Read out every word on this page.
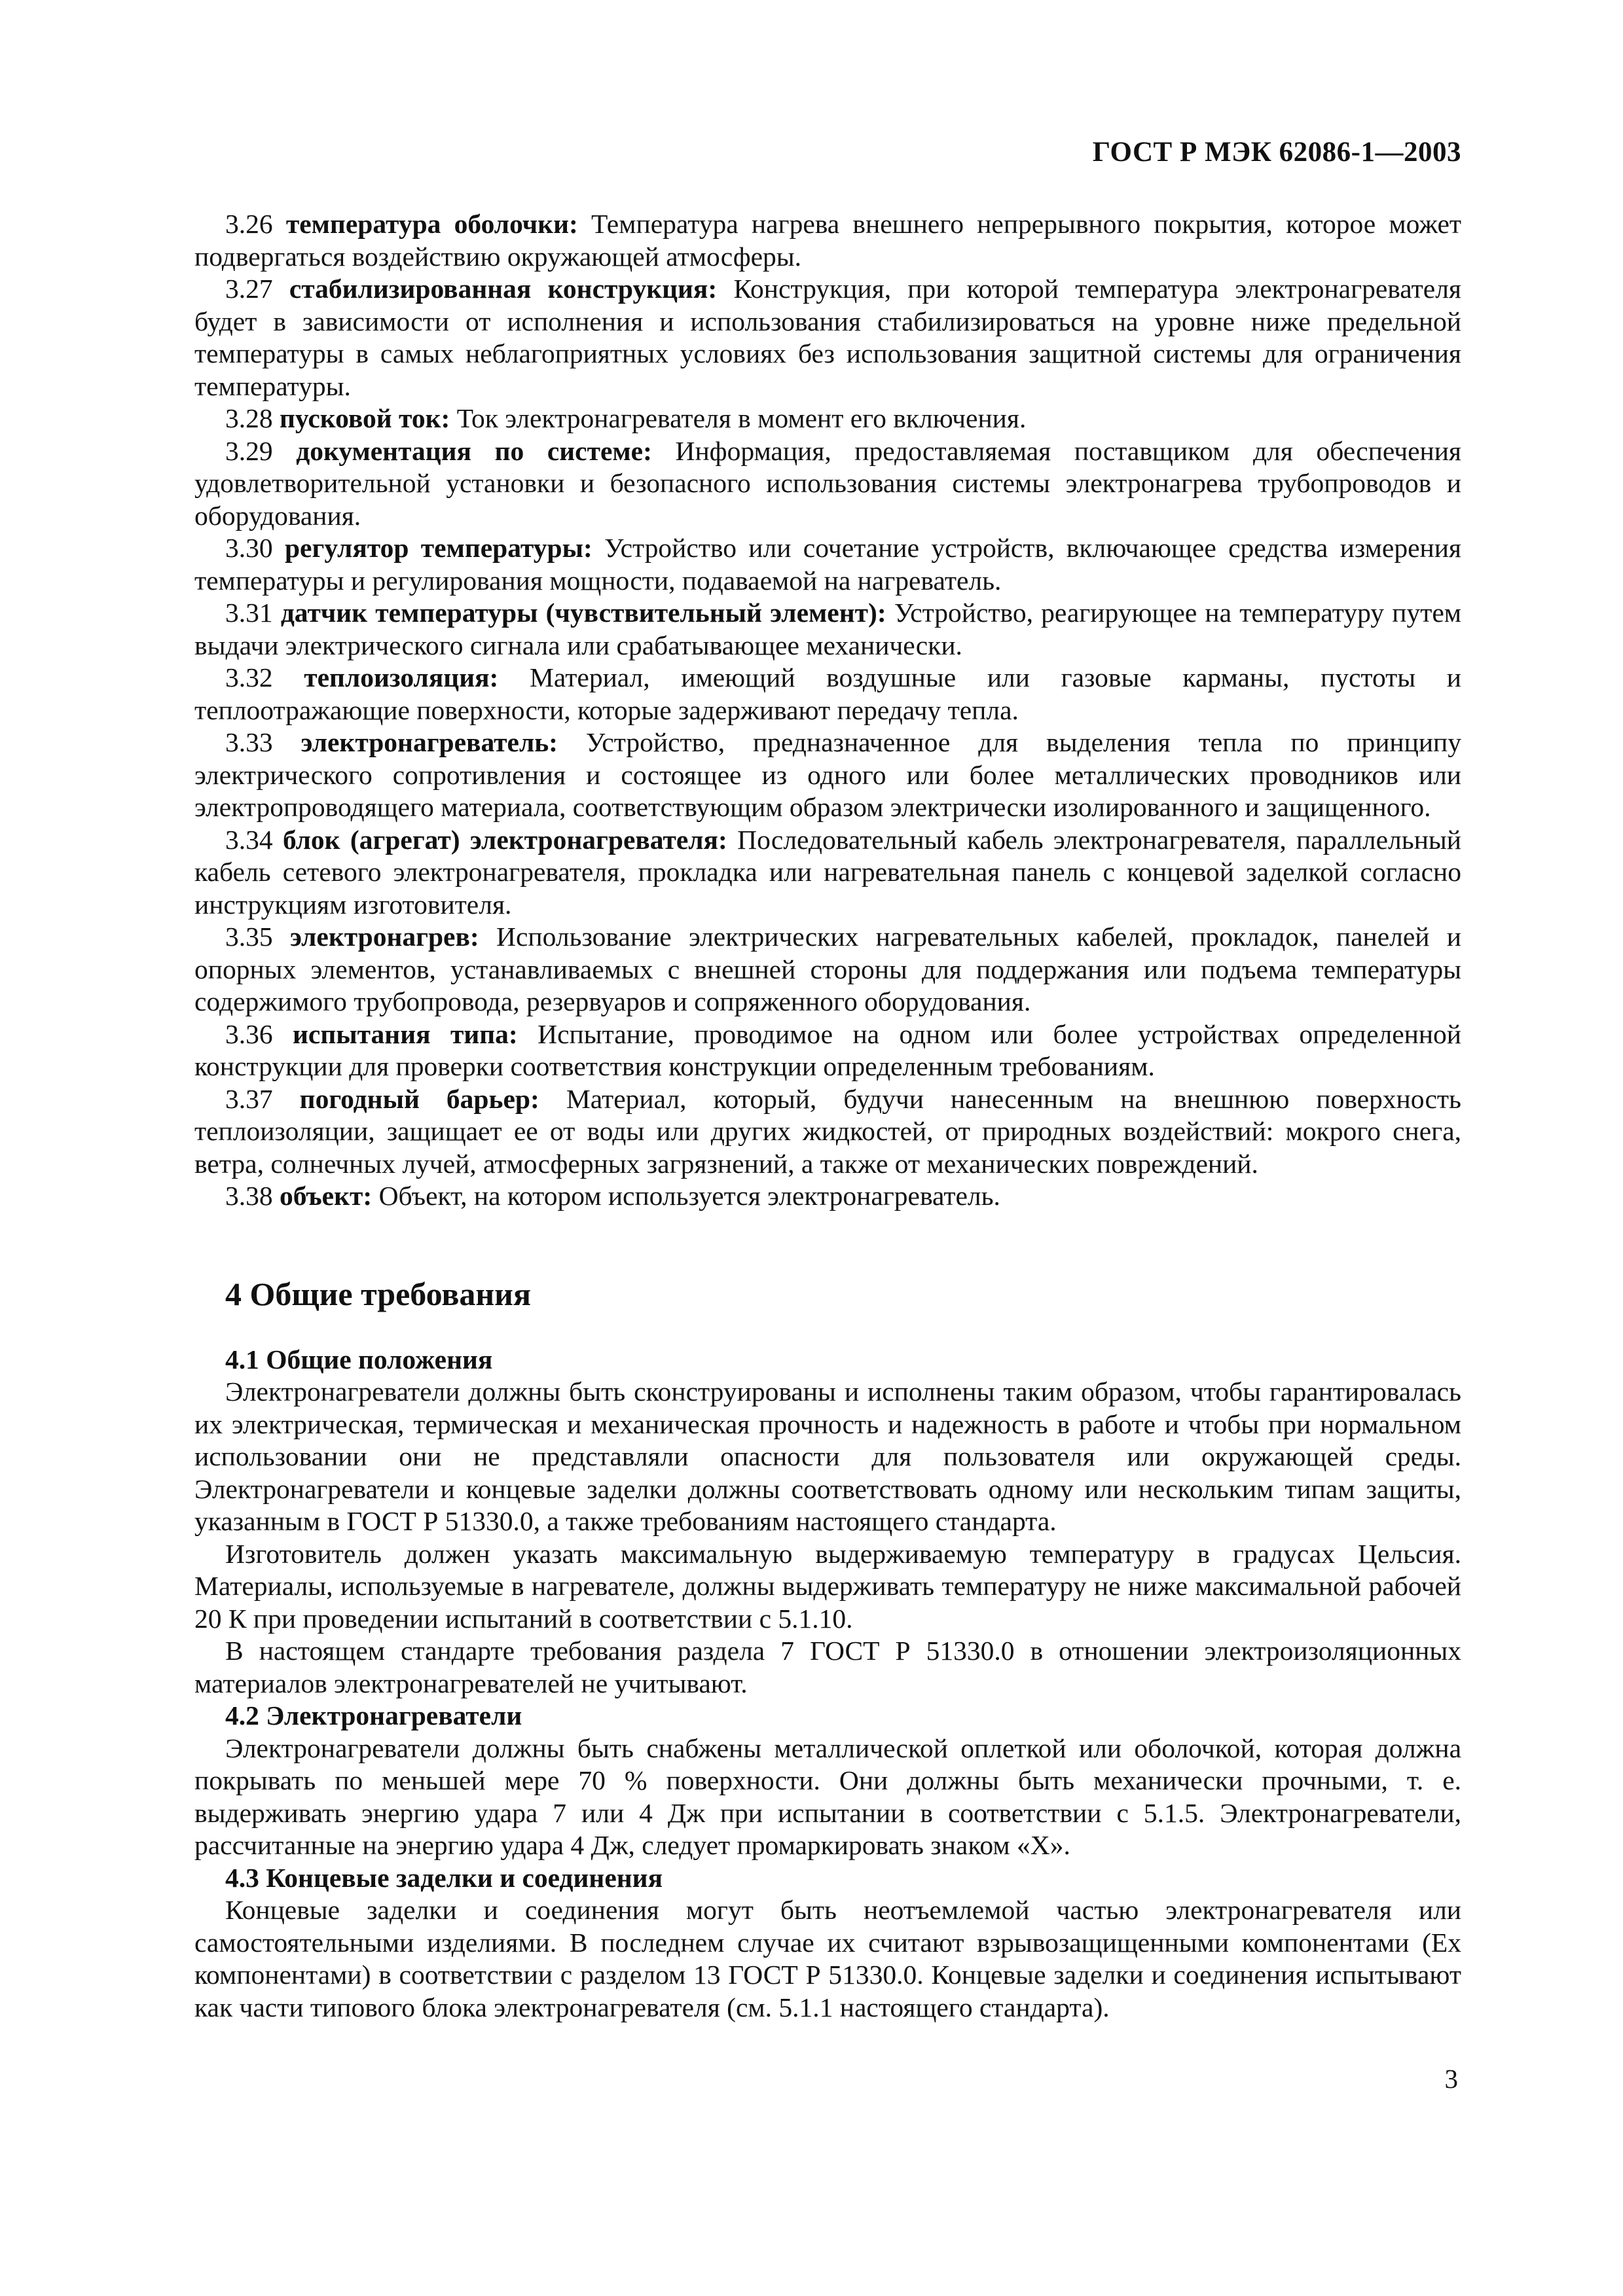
ГОСТ Р МЭК 62086-1—2003

3.26 температура оболочки: Температура нагрева внешнего непрерывного покрытия, которое может подвергаться воздействию окружающей атмосферы.

3.27 стабилизированная конструкция: Конструкция, при которой температура электронагревателя будет в зависимости от исполнения и использования стабилизироваться на уровне ниже предельной температуры в самых неблагоприятных условиях без использования защитной системы для ограничения температуры.

3.28 пусковой ток: Ток электронагревателя в момент его включения.

3.29 документация по системе: Информация, предоставляемая поставщиком для обеспечения удовлетворительной установки и безопасного использования системы электронагрева трубопроводов и оборудования.

3.30 регулятор температуры: Устройство или сочетание устройств, включающее средства измерения температуры и регулирования мощности, подаваемой на нагреватель.

3.31 датчик температуры (чувствительный элемент): Устройство, реагирующее на температуру путем выдачи электрического сигнала или срабатывающее механически.

3.32 теплоизоляция: Материал, имеющий воздушные или газовые карманы, пустоты и теплоотражающие поверхности, которые задерживают передачу тепла.

3.33 электронагреватель: Устройство, предназначенное для выделения тепла по принципу электрического сопротивления и состоящее из одного или более металлических проводников или электропроводящего материала, соответствующим образом электрически изолированного и защищенного.

3.34 блок (агрегат) электронагревателя: Последовательный кабель электронагревателя, параллельный кабель сетевого электронагревателя, прокладка или нагревательная панель с концевой заделкой согласно инструкциям изготовителя.

3.35 электронагрев: Использование электрических нагревательных кабелей, прокладок, панелей и опорных элементов, устанавливаемых с внешней стороны для поддержания или подъема температуры содержимого трубопровода, резервуаров и сопряженного оборудования.

3.36 испытания типа: Испытание, проводимое на одном или более устройствах определенной конструкции для проверки соответствия конструкции определенным требованиям.

3.37 погодный барьер: Материал, который, будучи нанесенным на внешнюю поверхность теплоизоляции, защищает ее от воды или других жидкостей, от природных воздействий: мокрого снега, ветра, солнечных лучей, атмосферных загрязнений, а также от механических повреждений.

3.38 объект: Объект, на котором используется электронагреватель.

4 Общие требования
4.1 Общие положения

Электронагреватели должны быть сконструированы и исполнены таким образом, чтобы гарантировалась их электрическая, термическая и механическая прочность и надежность в работе и чтобы при нормальном использовании они не представляли опасности для пользователя или окружающей среды. Электронагреватели и концевые заделки должны соответствовать одному или нескольким типам защиты, указанным в ГОСТ Р 51330.0, а также требованиям настоящего стандарта.

Изготовитель должен указать максимальную выдерживаемую температуру в градусах Цельсия. Материалы, используемые в нагревателе, должны выдерживать температуру не ниже максимальной рабочей 20 К при проведении испытаний в соответствии с 5.1.10.

В настоящем стандарте требования раздела 7 ГОСТ Р 51330.0 в отношении электроизоляционных материалов электронагревателей не учитывают.

4.2 Электронагреватели

Электронагреватели должны быть снабжены металлической оплеткой или оболочкой, которая должна покрывать по меньшей мере 70 % поверхности. Они должны быть механически прочными, т. е. выдерживать энергию удара 7 или 4 Дж при испытании в соответствии с 5.1.5. Электронагреватели, рассчитанные на энергию удара 4 Дж, следует промаркировать знаком «Х».

4.3 Концевые заделки и соединения

Концевые заделки и соединения могут быть неотъемлемой частью электронагревателя или самостоятельными изделиями. В последнем случае их считают взрывозащищенными компонентами (Ех компонентами) в соответствии с разделом 13 ГОСТ Р 51330.0. Концевые заделки и соединения испытывают как части типового блока электронагревателя (см. 5.1.1 настоящего стандарта).

3
